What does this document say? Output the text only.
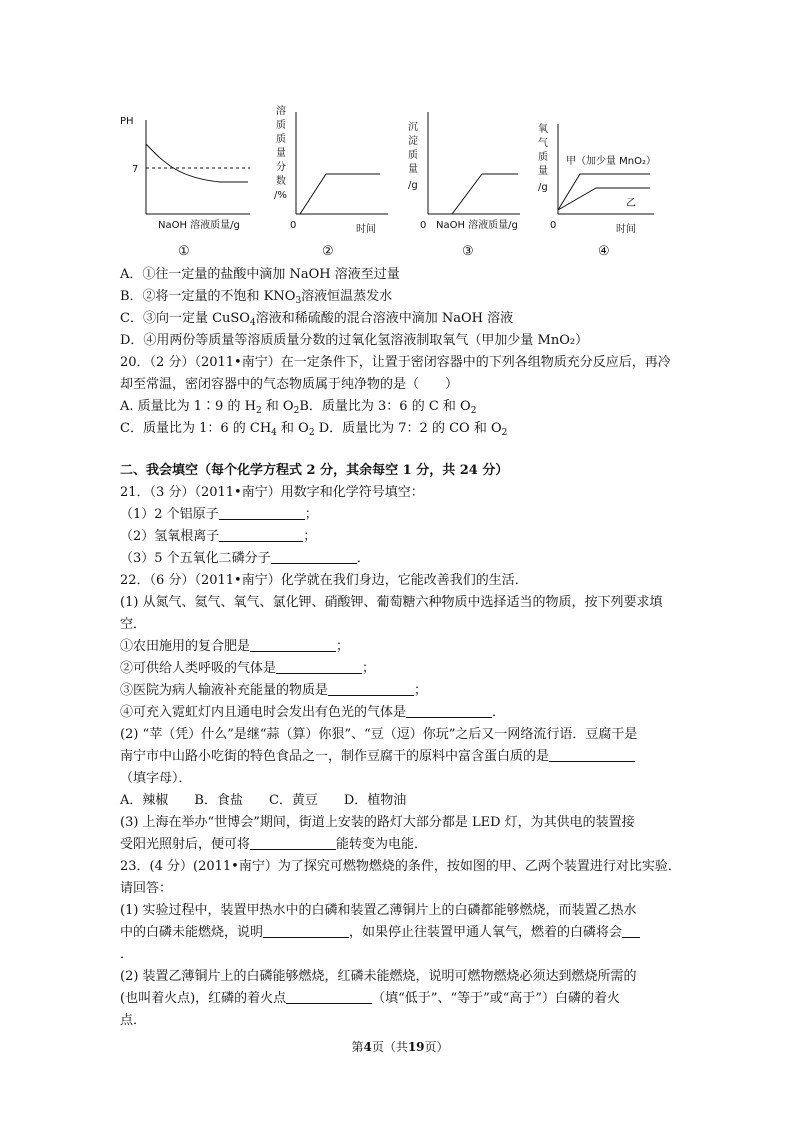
PH
7
NaOH 溶液质量/g
①
溶
质
质
量
分
数
/%
0	时间
②
沉
淀
质
量
/g
0 NaOH 溶液质量/g
③
氧
气
质
量
/g
0
甲（加少量 MnO₂）
乙
时间
④
A．①往一定量的盐酸中滴加 NaOH 溶液至过量
B．②将一定量的不饱和 $KNO_3$溶液恒温蒸发水
C．③向一定量 CuSO$_4$溶液和稀硫酸的混合溶液中滴加 NaOH 溶液
D．④用两份等质量等溶质质量分数的过氧化氢溶液制取氧气（甲加少量 MnO₂）
20．（2 分）（2011•南宁）在一定条件下，让置于密闭容器中的下列各组物质充分反应后，再冷
却至常温，密闭容器中的气态物质属于纯净物的是（　　）
A. 质量比为 1∶9 的 $H_2$ 和 $O_2B$．质量比为 3：6 的 C 和 $O_2$
C．质量比为 1：6 的 $CH_4$ 和 $O_2$ D．质量比为 7：2 的 CO 和 $O_2$
二、我会填空（每个化学方程式 2 分，其余每空 1 分，共 24 分）
21．（3 分）（2011•南宁）用数字和化学符号填空：
（1）2 个铝原子	；
（2）氢氧根离子	；
（3）5 个五氧化二磷分子	．
22．（6 分）（2011•南宁）化学就在我们身边，它能改善我们的生活．
(1) 从氮气、氦气、氧气、氯化钾、硝酸钾、葡萄糖六种物质中选择适当的物质，按下列要求填
空．
①农田施用的复合肥是	；
②可供给人类呼吸的气体是	；
③医院为病人输液补充能量的物质是	；
④可充入霓虹灯内且通电时会发出有色光的气体是	．
(2) “苹（凭）什么”是继“蒜（算）你狠”、“豆（逗）你玩”之后又一网络流行语．豆腐干是
南宁市中山路小吃街的特色食品之一，制作豆腐干的原料中富含蛋白质的是
（填字母）．
A．辣椒　　B．食盐　　C．黄豆　　D．植物油
(3) 上海在举办“世博会”期间，街道上安装的路灯大部分都是 LED 灯，为其供电的装置接
受阳光照射后，便可将	能转变为电能．
23．(4 分）(2011•南宁）为了探究可燃物燃烧的条件，按如图的甲、乙两个装置进行对比实验．
请回答：
(1) 实验过程中，装置甲热水中的白磷和装置乙薄铜片上的白磷都能够燃烧，而装置乙热水
中的白磷未能燃烧，说明	，如果停止往装置甲通人氧气，燃着的白磷将会
．
(2) 装置乙薄铜片上的白磷能够燃烧，红磷未能燃烧，说明可燃物燃烧必须达到燃烧所需的
(也叫着火点)，红磷的着火点	（填“低于”、“等于”或“高于”）白磷的着火
点．
第4页（共19页）
